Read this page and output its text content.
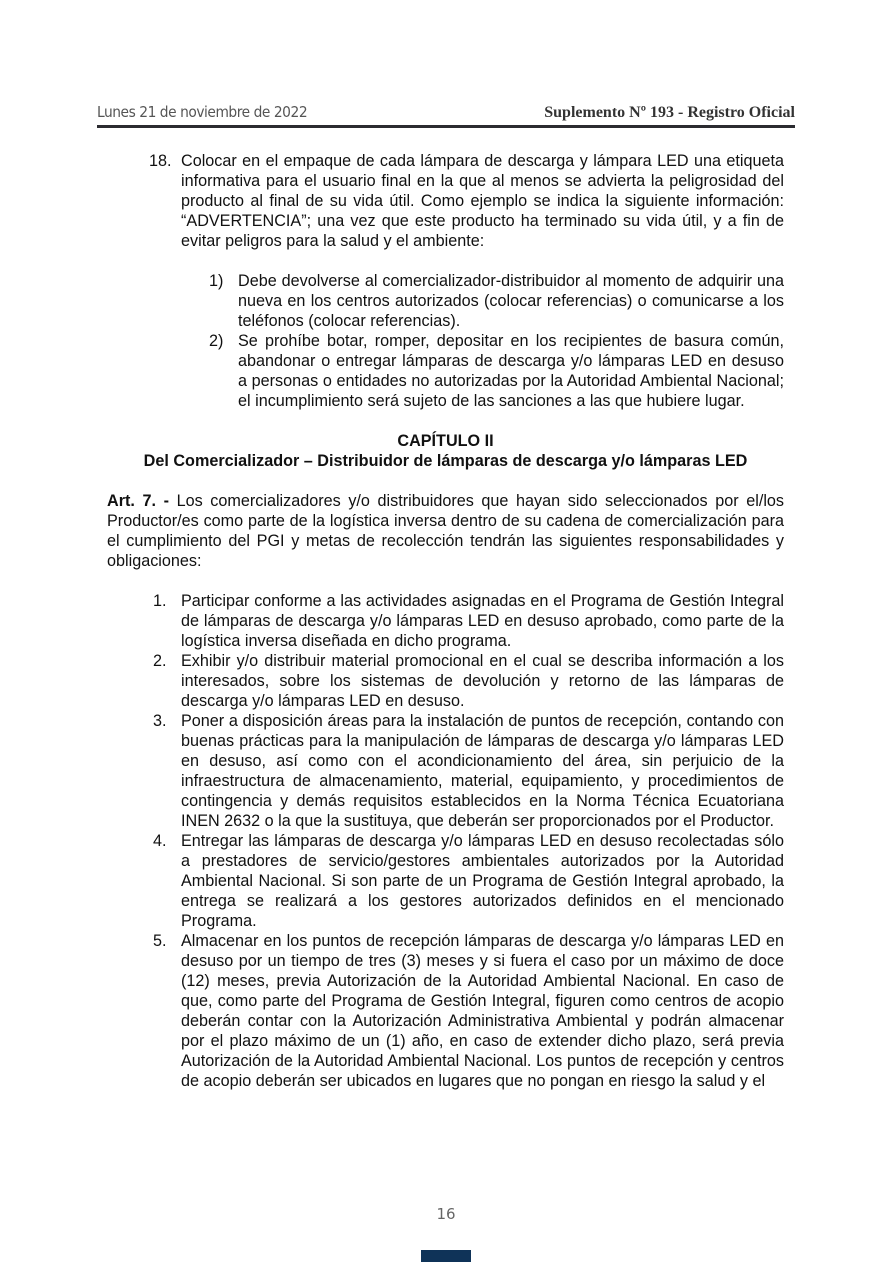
Lunes 21 de noviembre de 2022	Suplemento Nº 193 - Registro Oficial
18. Colocar en el empaque de cada lámpara de descarga y lámpara LED una etiqueta informativa para el usuario final en la que al menos se advierta la peligrosidad del producto al final de su vida útil. Como ejemplo se indica la siguiente información: “ADVERTENCIA”; una vez que este producto ha terminado su vida útil, y a fin de evitar peligros para la salud y el ambiente:
1) Debe devolverse al comercializador-distribuidor al momento de adquirir una nueva en los centros autorizados (colocar referencias) o comunicarse a los teléfonos (colocar referencias).
2) Se prohíbe botar, romper, depositar en los recipientes de basura común, abandonar o entregar lámparas de descarga y/o lámparas LED en desuso a personas o entidades no autorizadas por la Autoridad Ambiental Nacional; el incumplimiento será sujeto de las sanciones a las que hubiere lugar.
CAPÍTULO II
Del Comercializador – Distribuidor de lámparas de descarga y/o lámparas LED
Art. 7. - Los comercializadores y/o distribuidores que hayan sido seleccionados por el/los Productor/es como parte de la logística inversa dentro de su cadena de comercialización para el cumplimiento del PGI y metas de recolección tendrán las siguientes responsabilidades y obligaciones:
1. Participar conforme a las actividades asignadas en el Programa de Gestión Integral de lámparas de descarga y/o lámparas LED en desuso aprobado, como parte de la logística inversa diseñada en dicho programa.
2. Exhibir y/o distribuir material promocional en el cual se describa información a los interesados, sobre los sistemas de devolución y retorno de las lámparas de descarga y/o lámparas LED en desuso.
3. Poner a disposición áreas para la instalación de puntos de recepción, contando con buenas prácticas para la manipulación de lámparas de descarga y/o lámparas LED en desuso, así como con el acondicionamiento del área, sin perjuicio de la infraestructura de almacenamiento, material, equipamiento, y procedimientos de contingencia y demás requisitos establecidos en la Norma Técnica Ecuatoriana INEN 2632 o la que la sustituya, que deberán ser proporcionados por el Productor.
4. Entregar las lámparas de descarga y/o lámparas LED en desuso recolectadas sólo a prestadores de servicio/gestores ambientales autorizados por la Autoridad Ambiental Nacional. Si son parte de un Programa de Gestión Integral aprobado, la entrega se realizará a los gestores autorizados definidos en el mencionado Programa.
5. Almacenar en los puntos de recepción lámparas de descarga y/o lámparas LED en desuso por un tiempo de tres (3) meses y si fuera el caso por un máximo de doce (12) meses, previa Autorización de la Autoridad Ambiental Nacional. En caso de que, como parte del Programa de Gestión Integral, figuren como centros de acopio deberán contar con la Autorización Administrativa Ambiental y podrán almacenar por el plazo máximo de un (1) año, en caso de extender dicho plazo, será previa Autorización de la Autoridad Ambiental Nacional. Los puntos de recepción y centros de acopio deberán ser ubicados en lugares que no pongan en riesgo la salud y el
16
